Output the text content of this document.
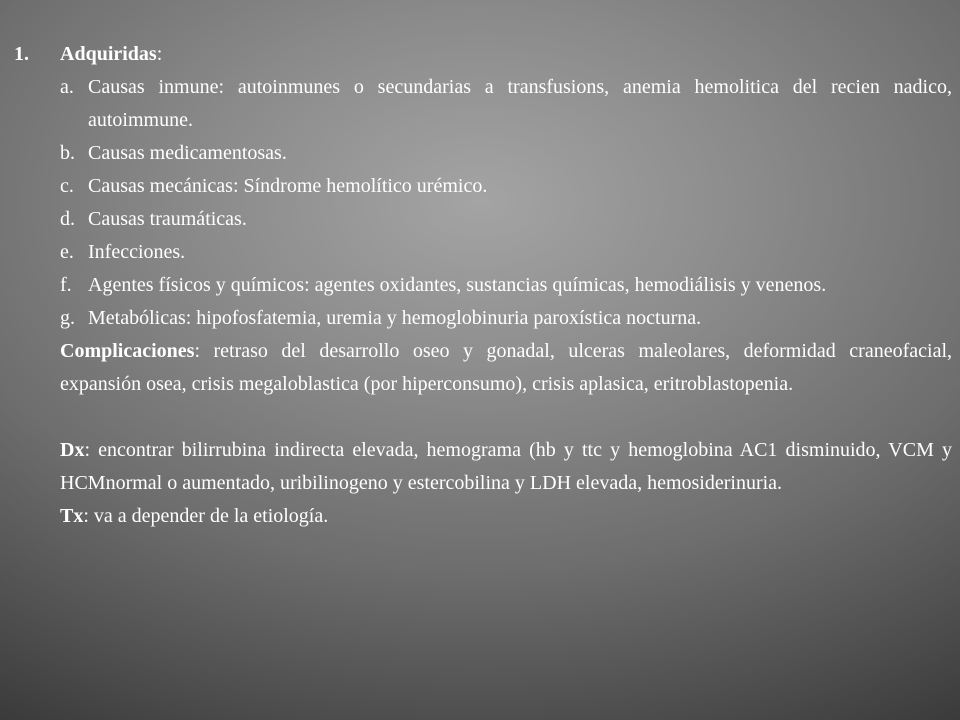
1. Adquiridas:

a. Causas inmune: autoinmunes o secundarias a transfusions, anemia hemolitica del recien nadico, autoimmune.

b. Causas medicamentosas.

c. Causas mecánicas: Síndrome hemolítico urémico.

d. Causas traumáticas.

e. Infecciones.

f. Agentes físicos y químicos: agentes oxidantes, sustancias químicas, hemodiálisis y venenos.

g. Metabólicas: hipofosfatemia, uremia y hemoglobinuria paroxística nocturna.

Complicaciones: retraso del desarrollo oseo y gonadal, ulceras maleolares, deformidad craneofacial, expansión osea, crisis megaloblastica (por hiperconsumo), crisis aplasica, eritroblastopenia.

Dx: encontrar bilirrubina indirecta elevada, hemograma (hb y ttc y hemoglobina AC1 disminuido, VCM y HCMnormal o aumentado, uribilinogeno y estercobilina y LDH elevada, hemosiderinuria.

Tx: va a depender de la etiología.
